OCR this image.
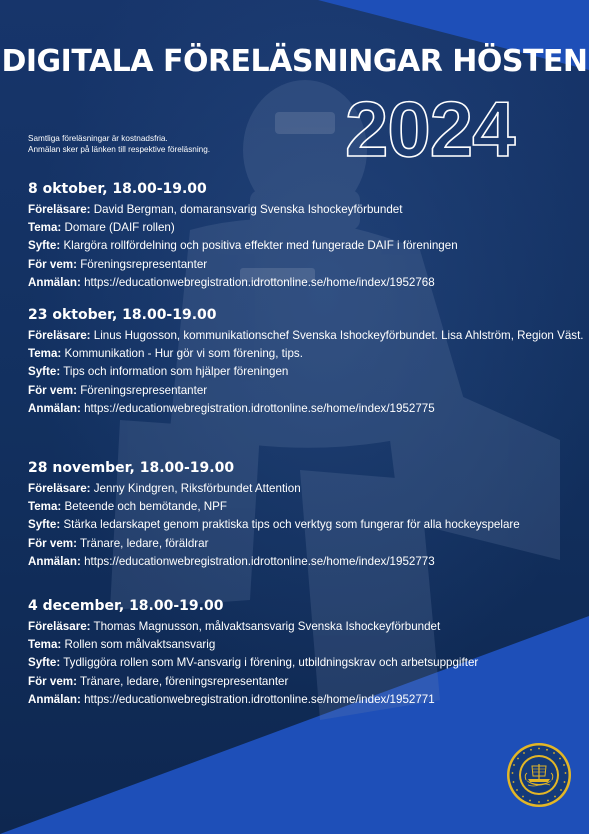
DIGITALA FÖRELÄSNINGAR HÖSTEN
2024
Samtliga föreläsningar är kostnadsfria.
Anmälan sker på länken till respektive föreläsning.
8 oktober, 18.00-19.00
Föreläsare: David Bergman, domaransvarig Svenska Ishockeyförbundet
Tema: Domare (DAIF rollen)
Syfte: Klargöra rollfördelning och positiva effekter med fungerade DAIF i föreningen
För vem: Föreningsrepresentanter
Anmälan: https://educationwebregistration.idrottonline.se/home/index/1952768
23 oktober, 18.00-19.00
Föreläsare: Linus Hugosson, kommunikationschef Svenska Ishockeyförbundet. Lisa Ahlström, Region Väst.
Tema: Kommunikation - Hur gör vi som förening, tips.
Syfte: Tips och information som hjälper föreningen
För vem: Föreningsrepresentanter
Anmälan: https://educationwebregistration.idrottonline.se/home/index/1952775
28 november, 18.00-19.00
Föreläsare: Jenny Kindgren, Riksförbundet Attention
Tema: Beteende och bemötande, NPF
Syfte: Stärka ledarskapet genom praktiska tips och verktyg som fungerar för alla hockeyspelare
För vem: Tränare, ledare, föräldrar
Anmälan: https://educationwebregistration.idrottonline.se/home/index/1952773
4 december, 18.00-19.00
Föreläsare: Thomas Magnusson, målvaktsansvarig Svenska Ishockeyförbundet
Tema: Rollen som målvaktsansvarig
Syfte: Tydliggöra rollen som MV-ansvarig i förening, utbildningskrav och arbetsuppgifter
För vem: Tränare, ledare, föreningsrepresentanter
Anmälan: https://educationwebregistration.idrottonline.se/home/index/1952771
